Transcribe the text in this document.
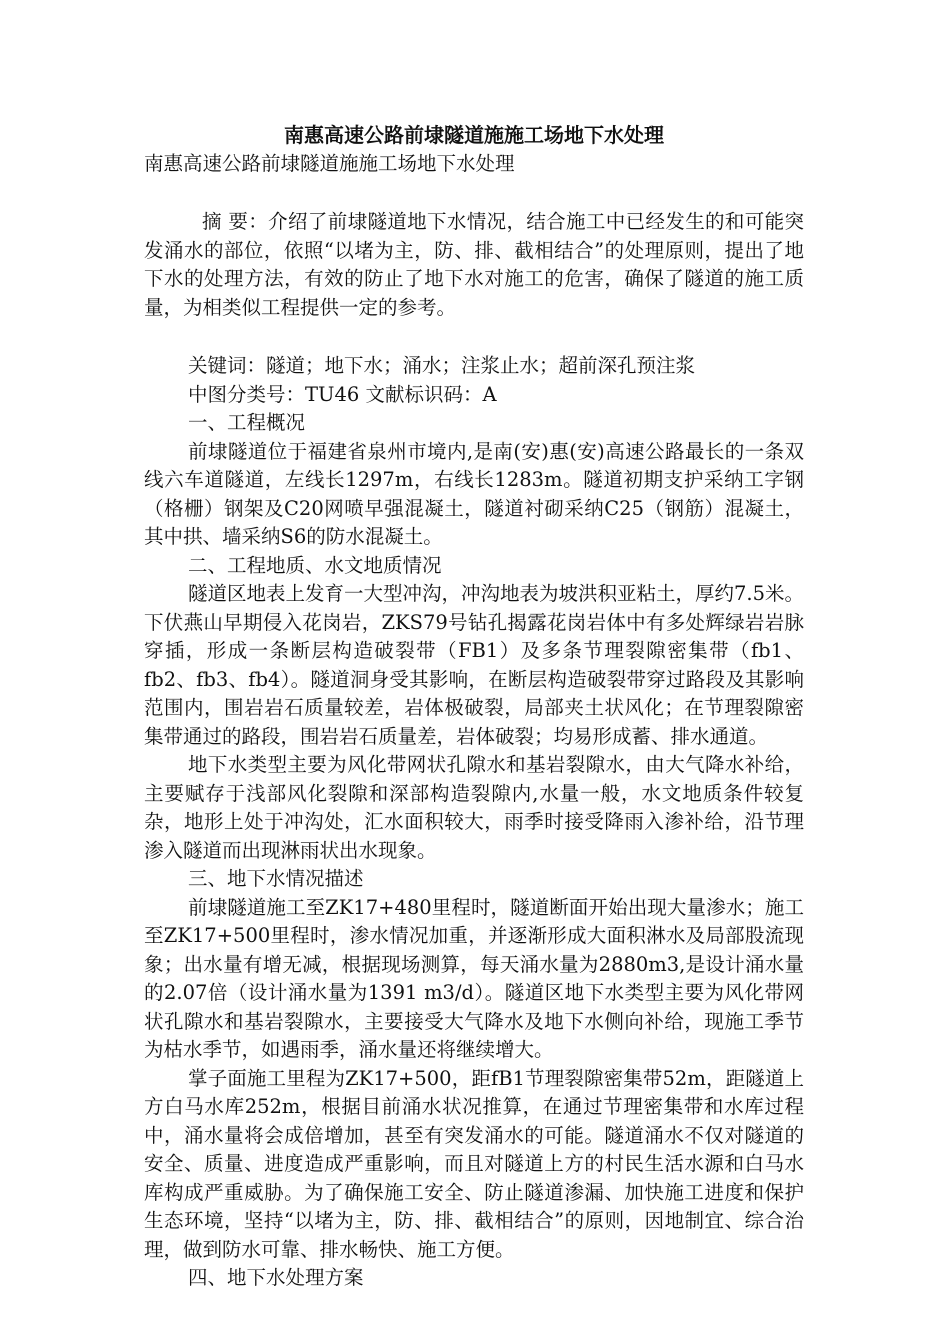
南惠高速公路前埭隧道施施工场地下水处理

南惠高速公路前埭隧道施施工场地下水处理

摘 要：介绍了前埭隧道地下水情况，结合施工中已经发生的和可能突发涌水的部位，依照“以堵为主，防、排、截相结合”的处理原则，提出了地下水的处理方法，有效的防止了地下水对施工的危害，确保了隧道的施工质量，为相类似工程提供一定的参考。

关键词：隧道；地下水；涌水；注浆止水；超前深孔预注浆

中图分类号：TU46 文献标识码：A

一、工程概况

前埭隧道位于福建省泉州市境内,是南(安)惠(安)高速公路最长的一条双线六车道隧道，左线长1297m，右线长1283m。隧道初期支护采纳工字钢（格栅）钢架及C20网喷早强混凝土，隧道衬砌采纳C25（钢筋）混凝土，其中拱、墙采纳S6的防水混凝土。

二、工程地质、水文地质情况

隧道区地表上发育一大型冲沟，冲沟地表为坡洪积亚粘土，厚约7.5米。下伏燕山早期侵入花岗岩，ZKS79号钻孔揭露花岗岩体中有多处辉绿岩岩脉穿插，形成一条断层构造破裂带（FB1）及多条节理裂隙密集带（fb1、fb2、fb3、fb4）。隧道洞身受其影响，在断层构造破裂带穿过路段及其影响范围内，围岩岩石质量较差，岩体极破裂，局部夹土状风化；在节理裂隙密集带通过的路段，围岩岩石质量差，岩体破裂；均易形成蓄、排水通道。

地下水类型主要为风化带网状孔隙水和基岩裂隙水，由大气降水补给，主要赋存于浅部风化裂隙和深部构造裂隙内,水量一般，水文地质条件较复杂，地形上处于冲沟处，汇水面积较大，雨季时接受降雨入渗补给，沿节理渗入隧道而出现淋雨状出水现象。

三、地下水情况描述

前埭隧道施工至ZK17+480里程时，隧道断面开始出现大量渗水；施工至ZK17+500里程时，渗水情况加重，并逐渐形成大面积淋水及局部股流现象；出水量有增无减，根据现场测算，每天涌水量为2880m3,是设计涌水量的2.07倍（设计涌水量为1391 m3/d）。隧道区地下水类型主要为风化带网状孔隙水和基岩裂隙水，主要接受大气降水及地下水侧向补给，现施工季节为枯水季节，如遇雨季，涌水量还将继续增大。

掌子面施工里程为ZK17+500，距fB1节理裂隙密集带52m，距隧道上方白马水库252m，根据目前涌水状况推算，在通过节理密集带和水库过程中，涌水量将会成倍增加，甚至有突发涌水的可能。隧道涌水不仅对隧道的安全、质量、进度造成严重影响，而且对隧道上方的村民生活水源和白马水库构成严重威胁。为了确保施工安全、防止隧道渗漏、加快施工进度和保护生态环境，坚持“以堵为主，防、排、截相结合”的原则，因地制宜、综合治理，做到防水可靠、排水畅快、施工方便。

四、地下水处理方案
